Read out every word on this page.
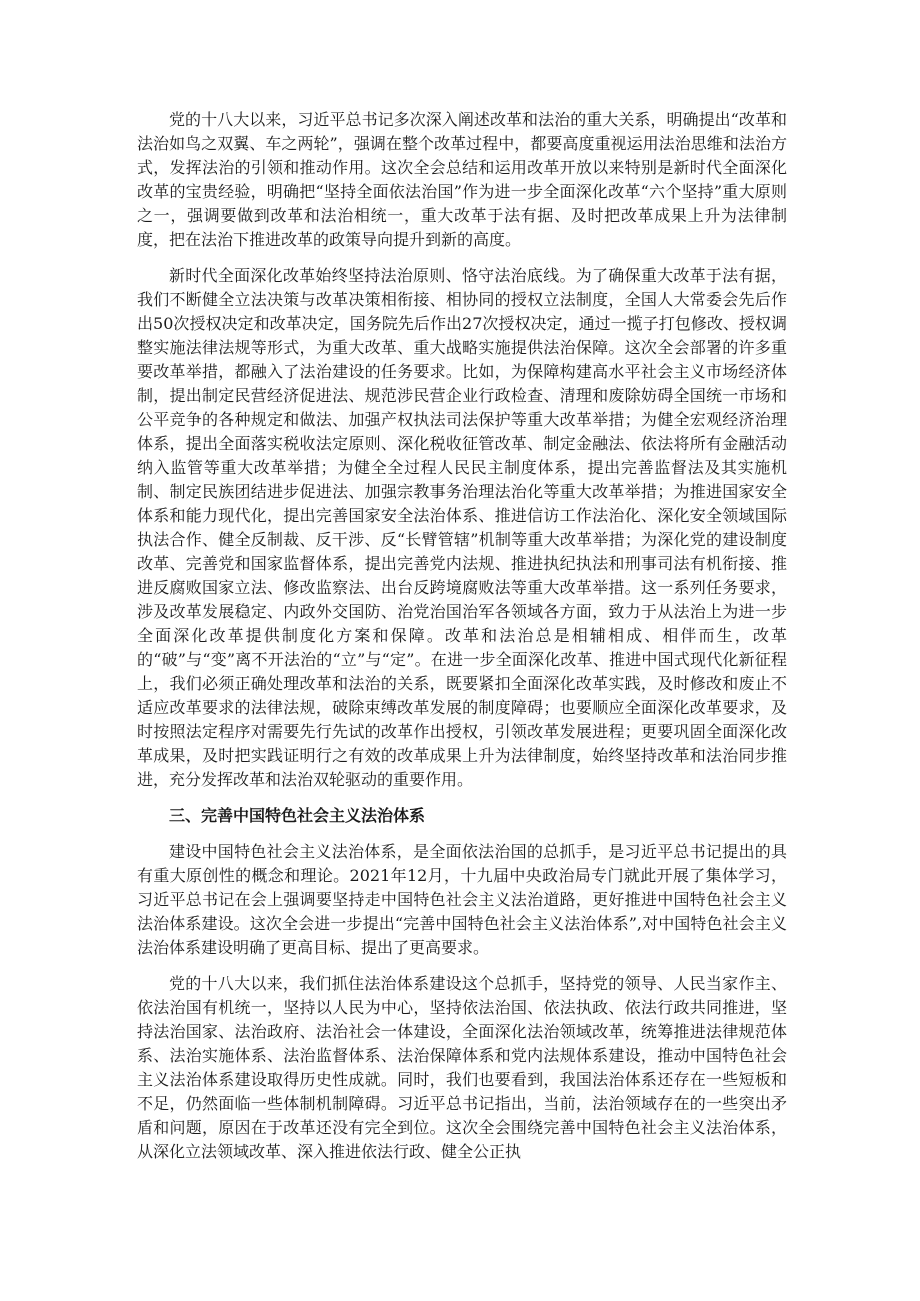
党的十八大以来，习近平总书记多次深入阐述改革和法治的重大关系，明确提出“改革和法治如鸟之双翼、车之两轮”，强调在整个改革过程中，都要高度重视运用法治思维和法治方式，发挥法治的引领和推动作用。这次全会总结和运用改革开放以来特别是新时代全面深化改革的宝贵经验，明确把“坚持全面依法治国”作为进一步全面深化改革“六个坚持”重大原则之一，强调要做到改革和法治相统一，重大改革于法有据、及时把改革成果上升为法律制度，把在法治下推进改革的政策导向提升到新的高度。

新时代全面深化改革始终坚持法治原则、恪守法治底线。为了确保重大改革于法有据，我们不断健全立法决策与改革决策相衔接、相协同的授权立法制度，全国人大常委会先后作出50次授权决定和改革决定，国务院先后作出27次授权决定，通过一揽子打包修改、授权调整实施法律法规等形式，为重大改革、重大战略实施提供法治保障。这次全会部署的许多重要改革举措，都融入了法治建设的任务要求。比如，为保障构建高水平社会主义市场经济体制，提出制定民营经济促进法、规范涉民营企业行政检查、清理和废除妨碍全国统一市场和公平竞争的各种规定和做法、加强产权执法司法保护等重大改革举措；为健全宏观经济治理体系，提出全面落实税收法定原则、深化税收征管改革、制定金融法、依法将所有金融活动纳入监管等重大改革举措；为健全全过程人民民主制度体系，提出完善监督法及其实施机制、制定民族团结进步促进法、加强宗教事务治理法治化等重大改革举措；为推进国家安全体系和能力现代化，提出完善国家安全法治体系、推进信访工作法治化、深化安全领域国际执法合作、健全反制裁、反干涉、反“长臂管辖”机制等重大改革举措；为深化党的建设制度改革、完善党和国家监督体系，提出完善党内法规、推进执纪执法和刑事司法有机衔接、推进反腐败国家立法、修改监察法、出台反跨境腐败法等重大改革举措。这一系列任务要求，涉及改革发展稳定、内政外交国防、治党治国治军各领域各方面，致力于从法治上为进一步全面深化改革提供制度化方案和保障。改革和法治总是相辅相成、相伴而生，改革的“破”与“变”离不开法治的“立”与“定”。在进一步全面深化改革、推进中国式现代化新征程上，我们必须正确处理改革和法治的关系，既要紧扣全面深化改革实践，及时修改和废止不适应改革要求的法律法规，破除束缚改革发展的制度障碍；也要顺应全面深化改革要求，及时按照法定程序对需要先行先试的改革作出授权，引领改革发展进程；更要巩固全面深化改革成果，及时把实践证明行之有效的改革成果上升为法律制度，始终坚持改革和法治同步推进，充分发挥改革和法治双轮驱动的重要作用。

三、完善中国特色社会主义法治体系

建设中国特色社会主义法治体系，是全面依法治国的总抓手，是习近平总书记提出的具有重大原创性的概念和理论。2021年12月，十九届中央政治局专门就此开展了集体学习，习近平总书记在会上强调要坚持走中国特色社会主义法治道路，更好推进中国特色社会主义法治体系建设。这次全会进一步提出“完善中国特色社会主义法治体系”,对中国特色社会主义法治体系建设明确了更高目标、提出了更高要求。

党的十八大以来，我们抓住法治体系建设这个总抓手，坚持党的领导、人民当家作主、依法治国有机统一，坚持以人民为中心，坚持依法治国、依法执政、依法行政共同推进，坚持法治国家、法治政府、法治社会一体建设，全面深化法治领域改革，统筹推进法律规范体系、法治实施体系、法治监督体系、法治保障体系和党内法规体系建设，推动中国特色社会主义法治体系建设取得历史性成就。同时，我们也要看到，我国法治体系还存在一些短板和不足，仍然面临一些体制机制障碍。习近平总书记指出，当前，法治领域存在的一些突出矛盾和问题，原因在于改革还没有完全到位。这次全会围绕完善中国特色社会主义法治体系，从深化立法领域改革、深入推进依法行政、健全公正执
